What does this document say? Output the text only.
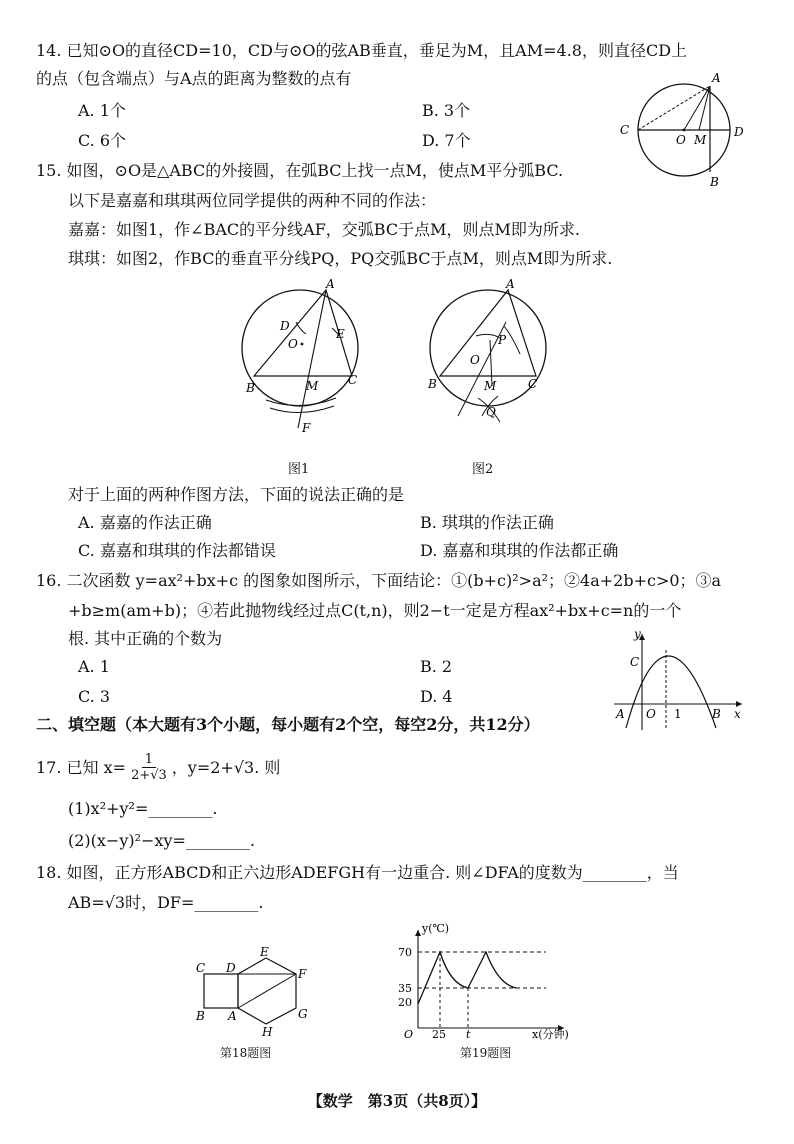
14. 已知⊙O的直径CD=10，CD与⊙O的弦AB垂直，垂足为M，且AM=4.8，则直径CD上
的点（包含端点）与A点的距离为整数的点有
A. 1个	B. 3个
C. 6个	D. 7个
A
C
O M
D
B
15. 如图，⊙O是△ABC的外接圆，在弧BC上找一点M，使点M平分弧BC.
以下是嘉嘉和琪琪两位同学提供的两种不同的作法：
嘉嘉：如图1，作∠BAC的平分线AF，交弧BC于点M，则点M即为所求.
琪琪：如图2，作BC的垂直平分线PQ，PQ交弧BC于点M，则点M即为所求.
A
D
E
O
B	M C
F
图1
A
P
O
B	M	C
Q
图2
对于上面的两种作图方法，下面的说法正确的是
A. 嘉嘉的作法正确	B. 琪琪的作法正确
C. 嘉嘉和琪琪的作法都错误	D. 嘉嘉和琪琪的作法都正确
16. 二次函数 y=ax²+bx+c 的图象如图所示，下面结论：①(b+c)²>a²；②4a+2b+c>0；③a
+b≥m(am+b)；④若此抛物线经过点C(t,n)，则2−t一定是方程ax²+bx+c=n的一个
根. 其中正确的个数为
A. 1	B. 2
C. 3	D. 4
y
C
A O 1	B x
二、填空题（本大题有3个小题，每小题有2个空，每空2分，共12分）
17. 已知 $x= \frac{1}{2+√3}$ ，y=2+√3. 则
(1)x²+y²=________.
(2)(x−y)²−xy=________.
18. 如图，正方形ABCD和正六边形ADEFGH有一边重合. 则∠DFA的度数为________，当
AB=√3时，DF=________.
C D
E
F
B A	G
H
第18题图
y(℃)
70
35
20
O 25 t	x(分钟)
第19题图
【数学　第3页（共8页）】
